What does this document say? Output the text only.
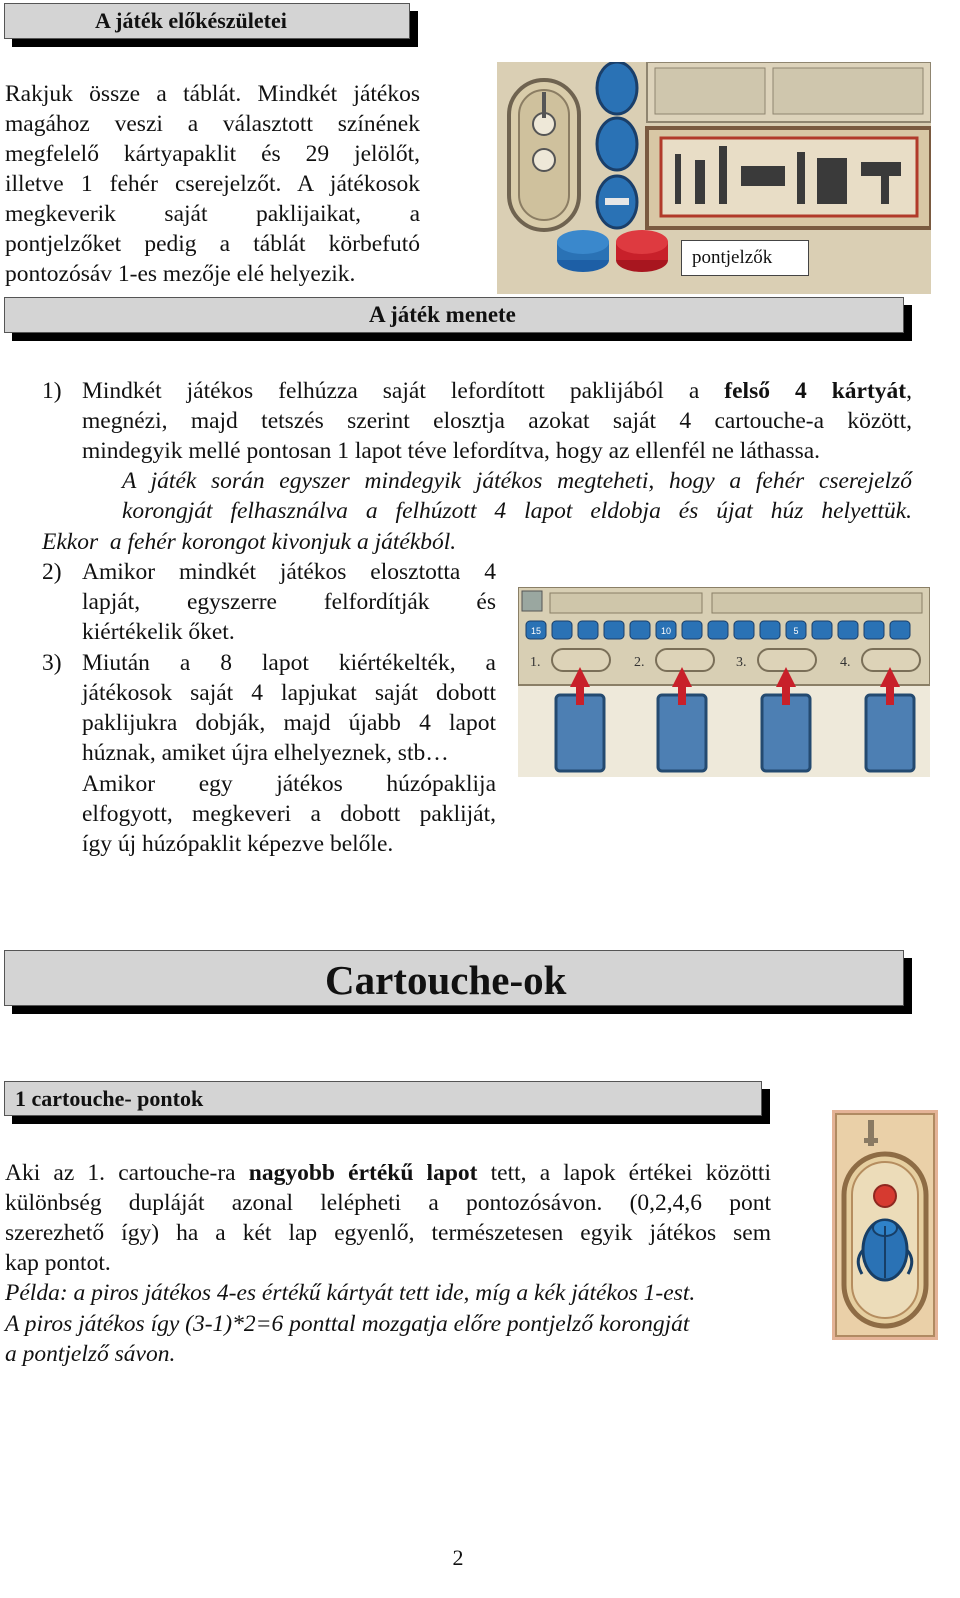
A játék előkészületei
Rakjuk össze a táblát. Mindkét játékos
magához veszi a választott színének
megfelelő kártyapaklit és 29 jelölőt,
illetve 1 fehér cserejelzőt. A játékosok
megkeverik saját paklijaikat, a
pontjelzőket pedig a táblát körbefutó
pontozósáv 1-es mezője elé helyezik.
pontjelzők
A játék menete
1) Mindkét játékos felhúzza saját lefordított paklijából a felső 4 kártyát,
megnézi, majd tetszés szerint elosztja azokat saját 4 cartouche-a között,
mindegyik mellé pontosan 1 lapot téve lefordítva, hogy az ellenfél ne láthassa.
A játék során egyszer mindegyik játékos megteheti, hogy a fehér cserejelző
korongját felhasználva a felhúzott 4 lapot eldobja és újat húz helyettük.
Ekkor  a fehér korongot kivonjuk a játékból.
2) Amikor mindkét játékos elosztotta 4
lapját, egyszerre felfordítják és
kiértékelik őket.
3) Miután a 8 lapot kiértékelték, a
játékosok saját 4 lapjukat saját dobott
paklijukra dobják, majd újabb 4 lapot
húznak, amiket újra elhelyeznek, stb…
Amikor egy játékos húzópaklija
elfogyott, megkeveri a dobott pakliját,
így új húzópaklit képezve belőle.
15	10	5
1.	2.	3.	4.
Cartouche-ok
1 cartouche- pontok
Aki az 1. cartouche-ra nagyobb értékű lapot tett, a lapok értékei közötti
különbség dupláját azonal lelépheti a pontozósávon. (0,2,4,6 pont
szerezhető így) ha a két lap egyenlő, természetesen egyik játékos sem
kap pontot.
Példa: a piros játékos 4-es értékű kártyát tett ide, míg a kék játékos 1-est.
A piros játékos így (3-1)*2=6 ponttal mozgatja előre pontjelző korongját
a pontjelző sávon.
2
